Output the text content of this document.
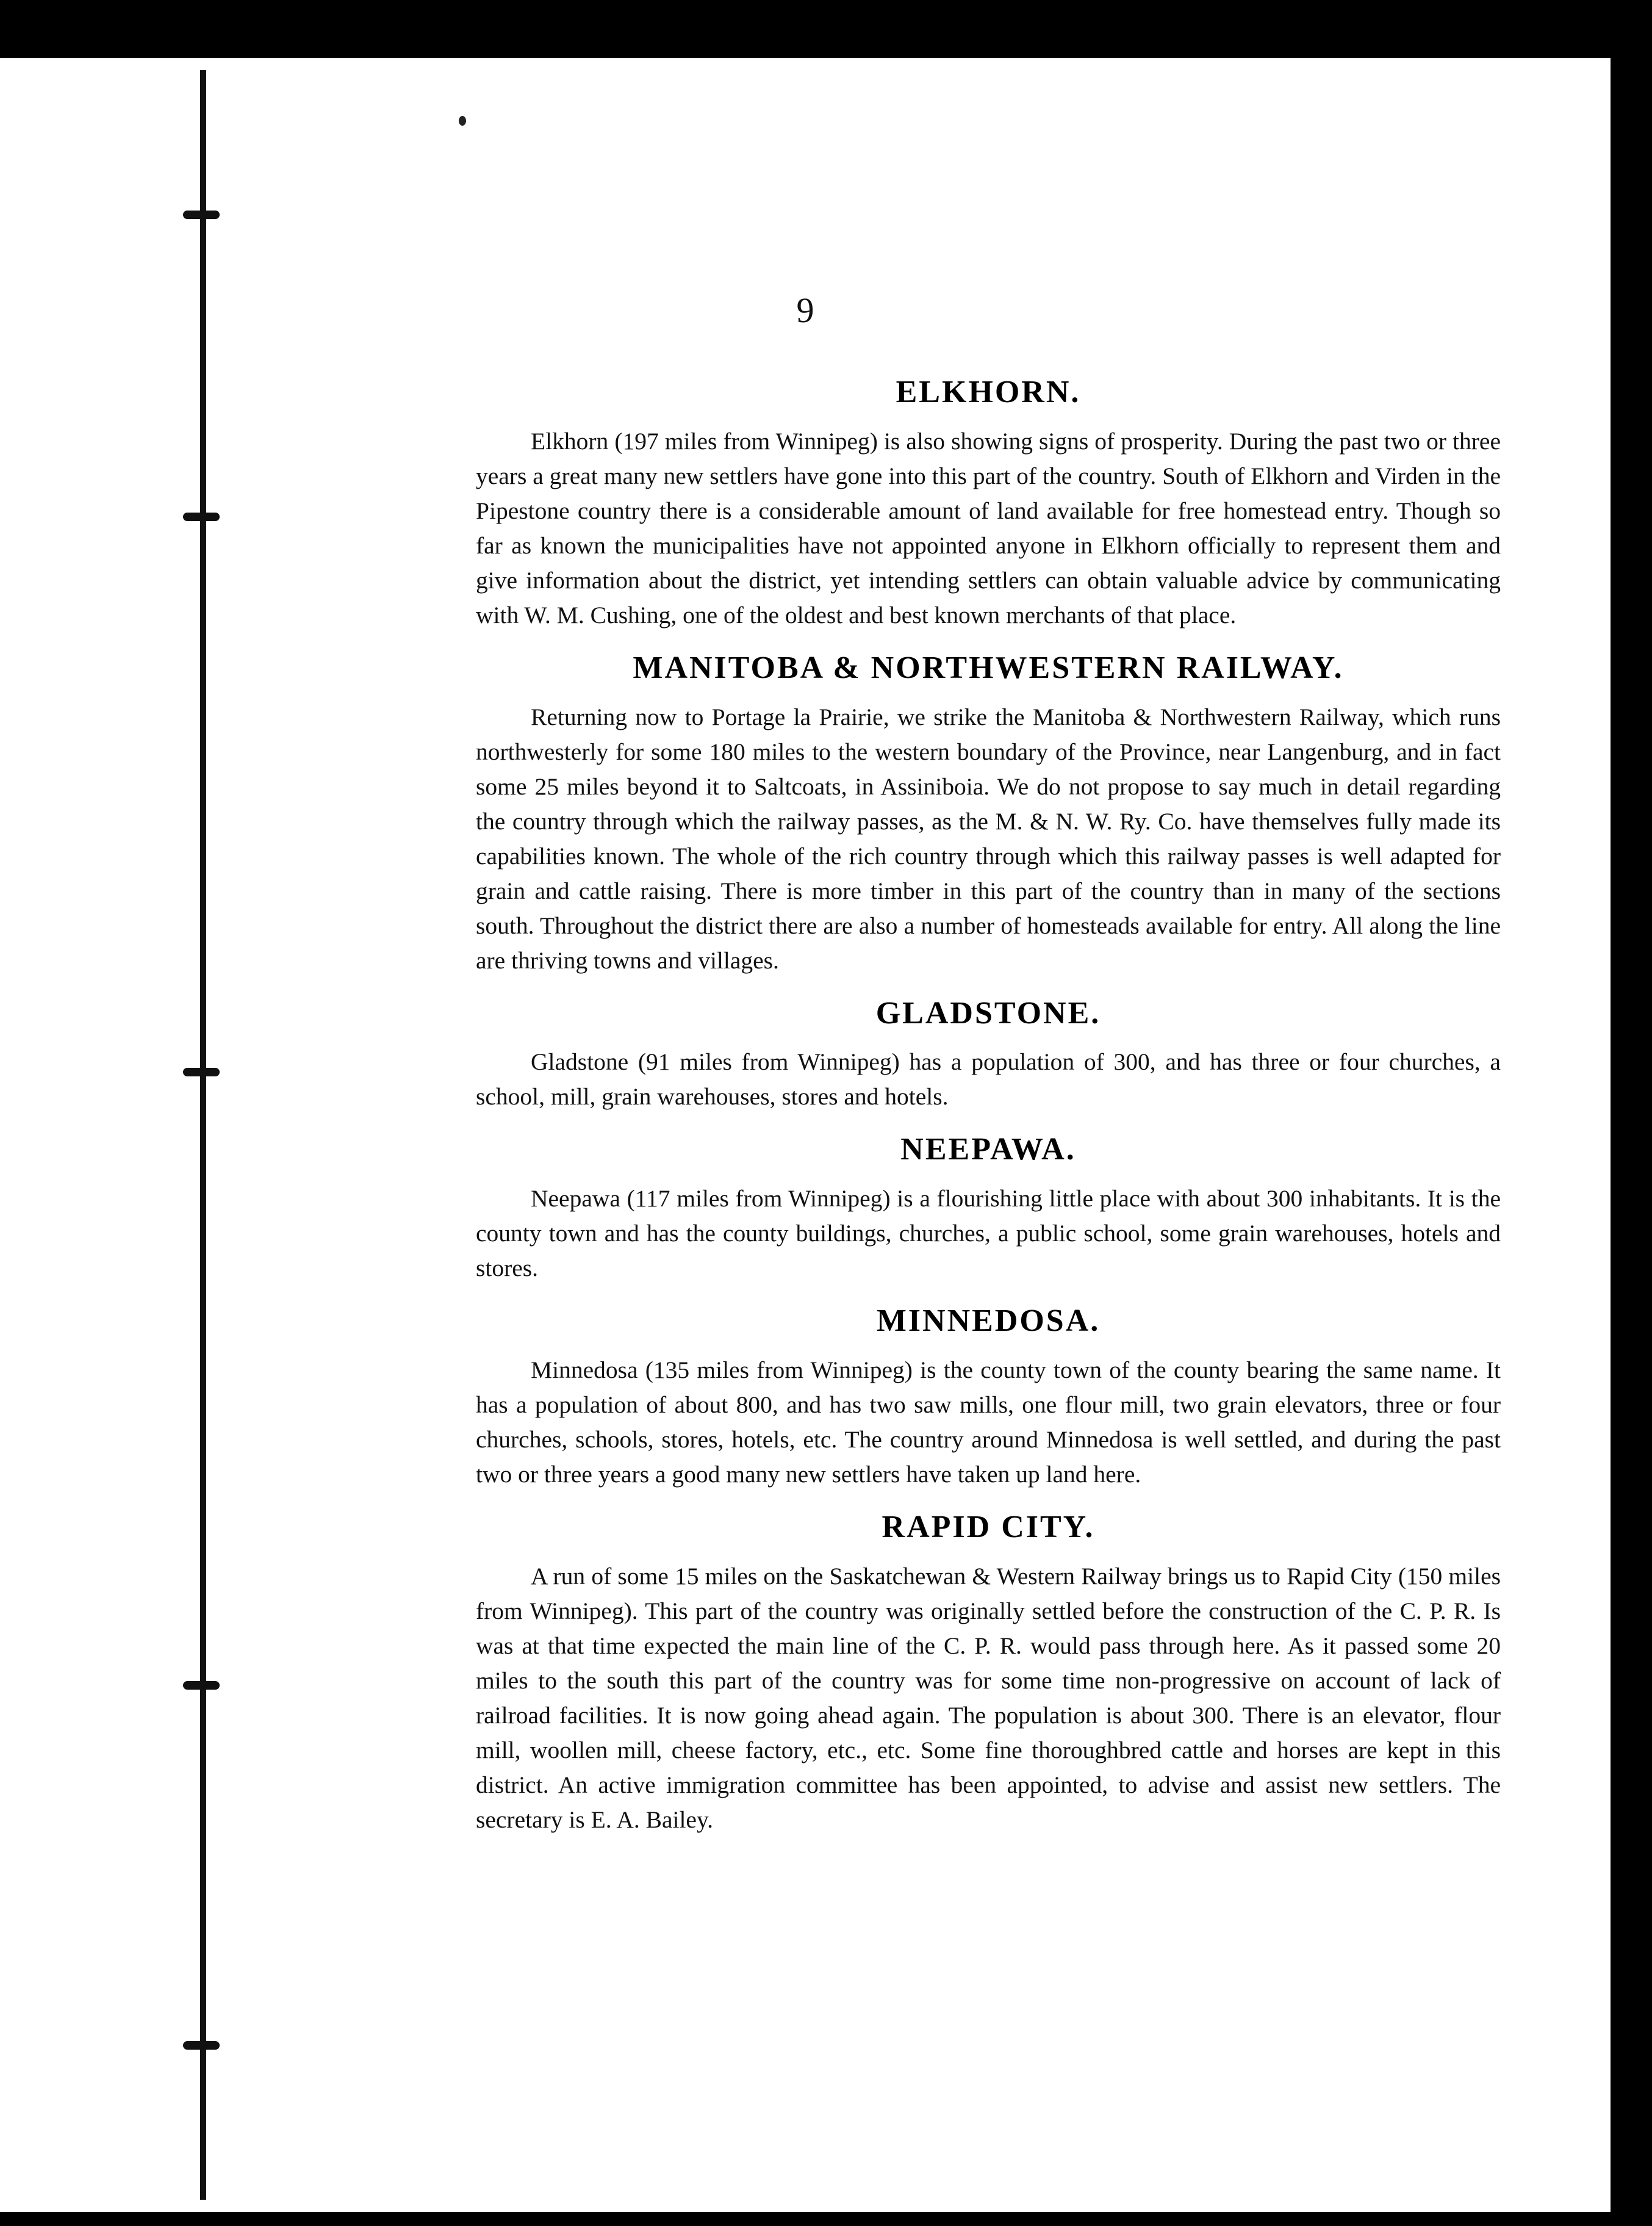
9
ELKHORN.

Elkhorn (197 miles from Winnipeg) is also showing signs of prosperity. During the past two or three years a great many new settlers have gone into this part of the country. South of Elkhorn and Virden in the Pipestone country there is a considerable amount of land available for free homestead entry. Though so far as known the municipalities have not appointed anyone in Elkhorn officially to represent them and give information about the district, yet intending settlers can obtain valuable advice by communicating with W. M. Cushing, one of the oldest and best known merchants of that place.

MANITOBA & NORTHWESTERN RAILWAY.

Returning now to Portage la Prairie, we strike the Manitoba & Northwestern Railway, which runs northwesterly for some 180 miles to the western boundary of the Province, near Langenburg, and in fact some 25 miles beyond it to Saltcoats, in Assiniboia. We do not propose to say much in detail regarding the country through which the railway passes, as the M. & N. W. Ry. Co. have themselves fully made its capabilities known. The whole of the rich country through which this railway passes is well adapted for grain and cattle raising. There is more timber in this part of the country than in many of the sections south. Throughout the district there are also a number of homesteads available for entry. All along the line are thriving towns and villages.

GLADSTONE.

Gladstone (91 miles from Winnipeg) has a population of 300, and has three or four churches, a school, mill, grain warehouses, stores and hotels.

NEEPAWA.

Neepawa (117 miles from Winnipeg) is a flourishing little place with about 300 inhabitants. It is the county town and has the county buildings, churches, a public school, some grain warehouses, hotels and stores.

MINNEDOSA.

Minnedosa (135 miles from Winnipeg) is the county town of the county bearing the same name. It has a population of about 800, and has two saw mills, one flour mill, two grain elevators, three or four churches, schools, stores, hotels, etc. The country around Minnedosa is well settled, and during the past two or three years a good many new settlers have taken up land here.

RAPID CITY.

A run of some 15 miles on the Saskatchewan & Western Railway brings us to Rapid City (150 miles from Winnipeg). This part of the country was originally settled before the construction of the C. P. R. Is was at that time expected the main line of the C. P. R. would pass through here. As it passed some 20 miles to the south this part of the country was for some time non-progressive on account of lack of railroad facilities. It is now going ahead again. The population is about 300. There is an elevator, flour mill, woollen mill, cheese factory, etc., etc. Some fine thoroughbred cattle and horses are kept in this district. An active immigration committee has been appointed, to advise and assist new settlers. The secretary is E. A. Bailey.
